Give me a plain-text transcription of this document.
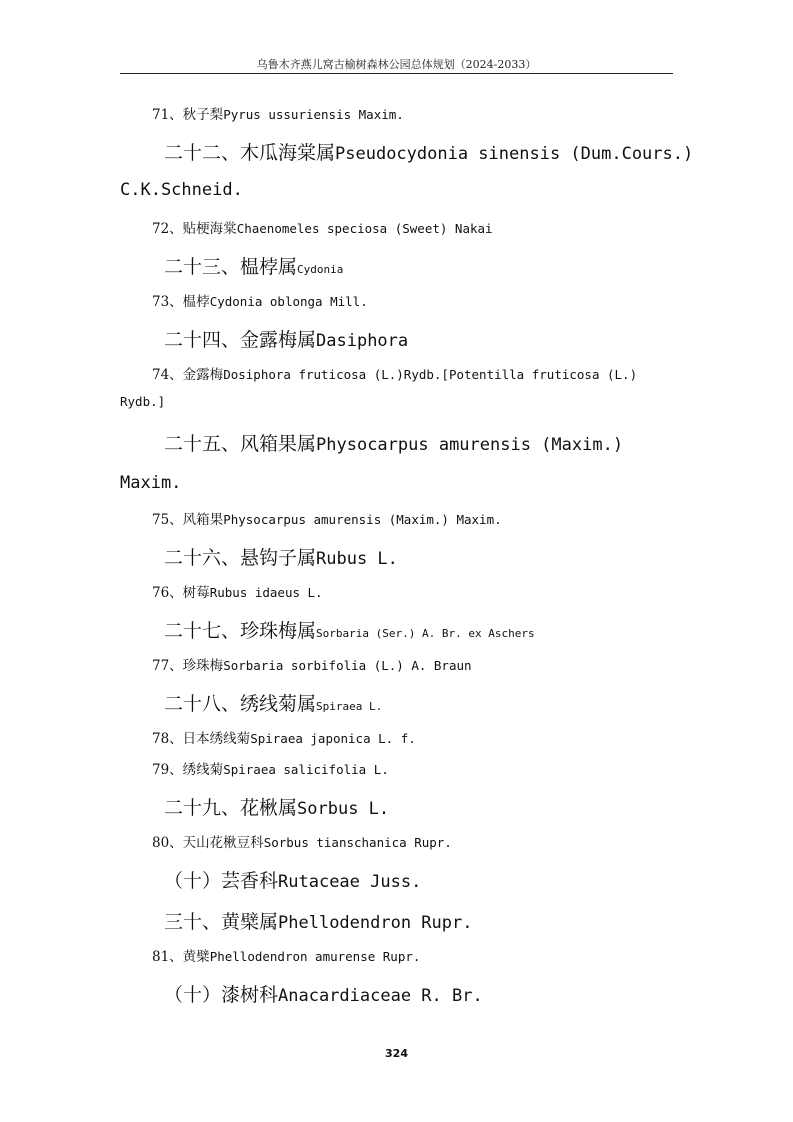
乌鲁木齐燕儿窝古榆树森林公园总体规划（2024-2033）
71、秋子梨Pyrus ussuriensis Maxim.
二十二、木瓜海棠属Pseudocydonia sinensis (Dum.Cours.)
C.K.Schneid.
72、贴梗海棠Chaenomeles speciosa (Sweet) Nakai
二十三、榅桲属Cydonia
73、榅桲Cydonia oblonga Mill.
二十四、金露梅属Dasiphora
74、金露梅Dosiphora fruticosa (L.)Rydb.[Potentilla fruticosa (L.)
Rydb.]
二十五、风箱果属Physocarpus amurensis (Maxim.)
Maxim.
75、风箱果Physocarpus amurensis (Maxim.) Maxim.
二十六、悬钩子属Rubus L.
76、树莓Rubus idaeus L.
二十七、珍珠梅属Sorbaria (Ser.) A. Br. ex Aschers
77、珍珠梅Sorbaria sorbifolia (L.) A. Braun
二十八、绣线菊属Spiraea L.
78、日本绣线菊Spiraea japonica L. f.
79、绣线菊Spiraea salicifolia L.
二十九、花楸属Sorbus L.
80、天山花楸豆科Sorbus tianschanica Rupr.
（十）芸香科Rutaceae Juss.
三十、黄檗属Phellodendron Rupr.
81、黄檗Phellodendron amurense Rupr.
（十）漆树科Anacardiaceae R. Br.
324
